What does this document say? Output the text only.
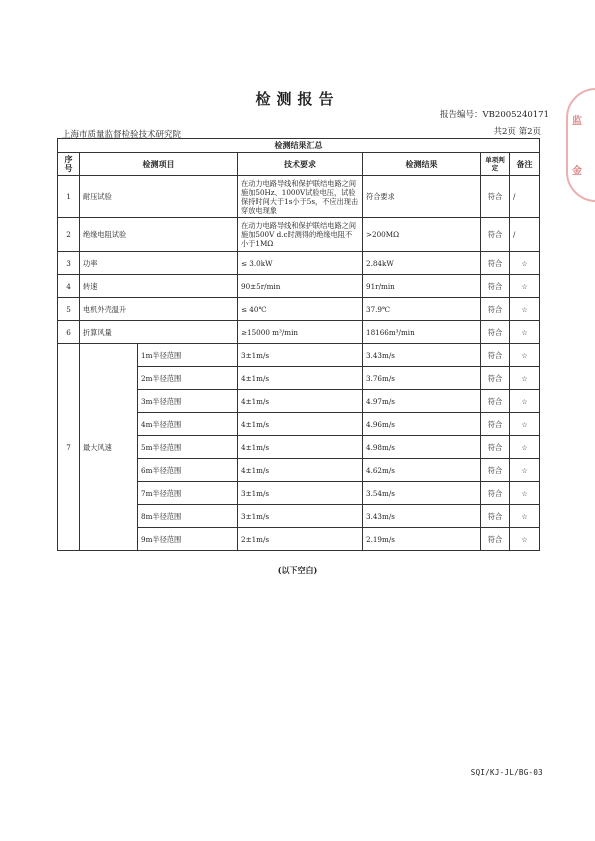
检测报告
报告编号：VB2005240171
上海市质量监督检验技术研究院	共2页 第2页
监
金
检测结果汇总						
序号	检测项目		技术要求	检测结果	单项判定	备注
1	耐压试验		在动力电路导线和保护联结电路之间施加50Hz、1000V试验电压，试验保持时间大于1s小于5s，不应出现击穿放电现象	符合要求	符合	/
2	绝缘电阻试验		在动力电路导线和保护联结电路之间施加500V d.c时测得的绝缘电阻不小于1MΩ	>200MΩ	符合	/
3	功率		≤ 3.0kW	2.84kW	符合	☆
4	转速		90±5r/min	91r/min	符合	☆
5	电机外壳温升		≤ 40℃	37.9℃	符合	☆
6	折算风量		≥15000 m³/min	18166m³/min	符合	☆
7	最大风速	1m半径范围	3±1m/s	3.43m/s	符合	☆
		2m半径范围	4±1m/s	3.76m/s	符合	☆
		3m半径范围	4±1m/s	4.97m/s	符合	☆
		4m半径范围	4±1m/s	4.96m/s	符合	☆
		5m半径范围	4±1m/s	4.98m/s	符合	☆
		6m半径范围	4±1m/s	4.62m/s	符合	☆
		7m半径范围	3±1m/s	3.54m/s	符合	☆
		8m半径范围	3±1m/s	3.43m/s	符合	☆
		9m半径范围	2±1m/s	2.19m/s	符合	☆
(以下空白)
SQI/KJ-JL/BG-03
